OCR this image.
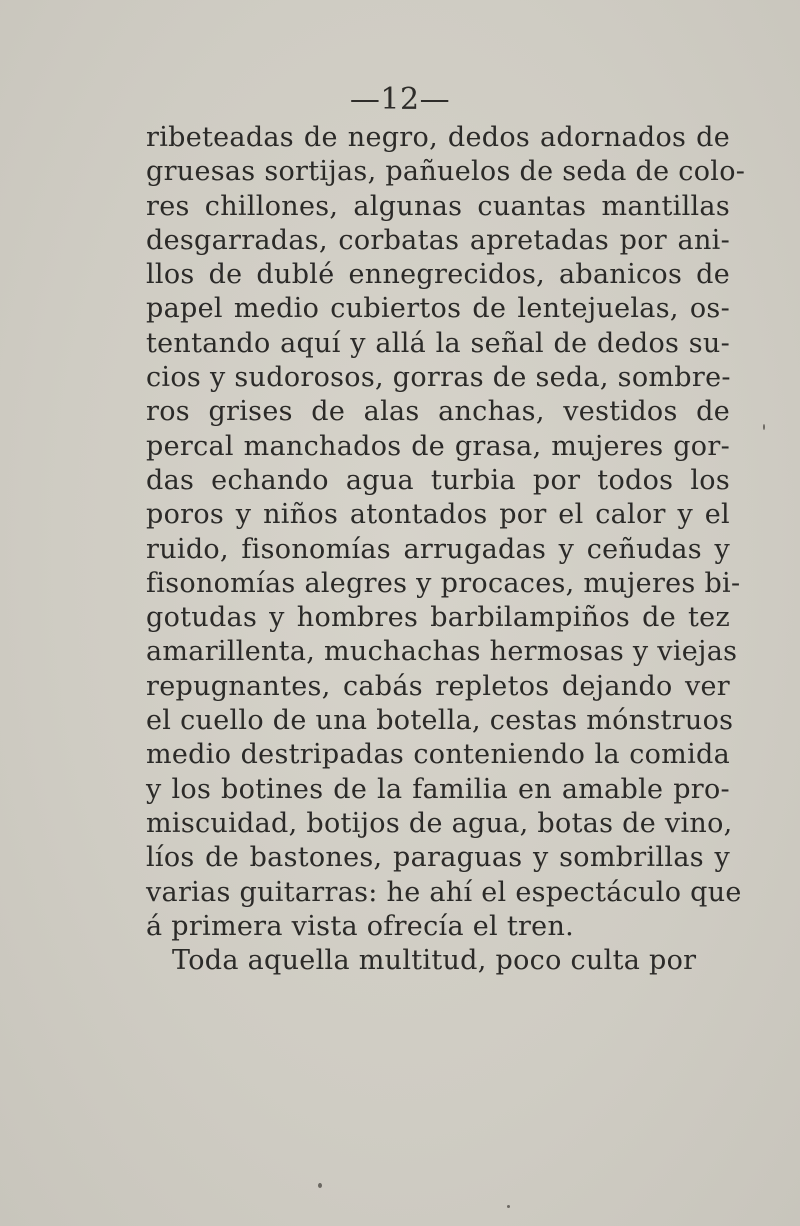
—12—
ribeteadas de negro, dedos adornados de
gruesas sortijas, pañuelos de seda de colo-
res chillones, algunas cuantas mantillas
desgarradas, corbatas apretadas por ani-
llos de dublé ennegrecidos, abanicos de
papel medio cubiertos de lentejuelas, os-
tentando aquí y allá la señal de dedos su-
cios y sudorosos, gorras de seda, sombre-
ros grises de alas anchas, vestidos de
percal manchados de grasa, mujeres gor-
das echando agua turbia por todos los
poros y niños atontados por el calor y el
ruido, fisonomías arrugadas y ceñudas y
fisonomías alegres y procaces, mujeres bi-
gotudas y hombres barbilampiños de tez
amarillenta, muchachas hermosas y viejas
repugnantes, cabás repletos dejando ver
el cuello de una botella, cestas mónstruos
medio destripadas conteniendo la comida
y los botines de la familia en amable pro-
miscuidad, botijos de agua, botas de vino,
líos de bastones, paraguas y sombrillas y
varias guitarras: he ahí el espectáculo que
á primera vista ofrecía el tren.
Toda aquella multitud, poco culta por
